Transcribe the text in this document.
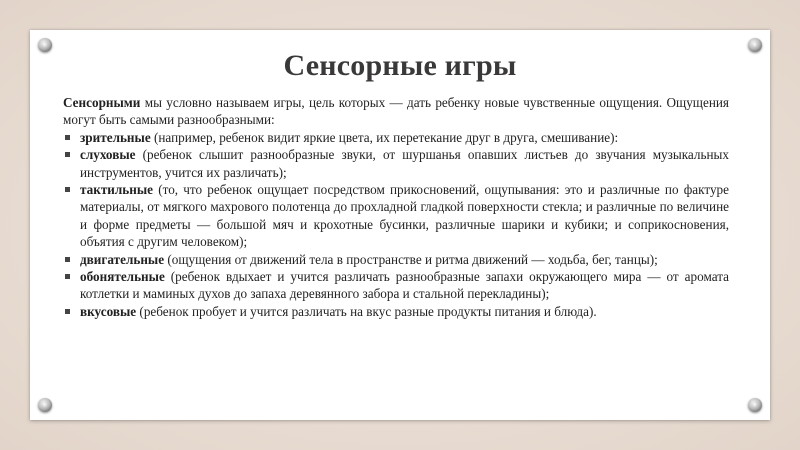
Сенсорные игры

Сенсорными мы условно называем игры, цель которых — дать ребенку новые чувственные ощущения. Ощущения могут быть самыми разнообразными:

зрительные (например, ребенок видит яркие цвета, их перетекание друг в друга, смешивание):
слуховые (ребенок слышит разнообразные звуки, от шуршанья опавших листьев до звучания музыкальных инструментов, учится их различать);
тактильные (то, что ребенок ощущает посредством прикосновений, ощупывания: это и различные по фактуре материалы, от мягкого махрового полотенца до прохладной гладкой поверхности стекла; и различные по величине и форме предметы — большой мяч и крохотные бусинки, различные шарики и кубики; и соприкосновения, объятия с другим человеком);
двигательные (ощущения от движений тела в пространстве и ритма движений — ходьба, бег, танцы);
обонятельные (ребенок вдыхает и учится различать разнообразные запахи окружающего мира — от аромата котлетки и маминых духов до запаха деревянного забора и стальной перекладины);
вкусовые (ребенок пробует и учится различать на вкус разные продукты питания и блюда).
